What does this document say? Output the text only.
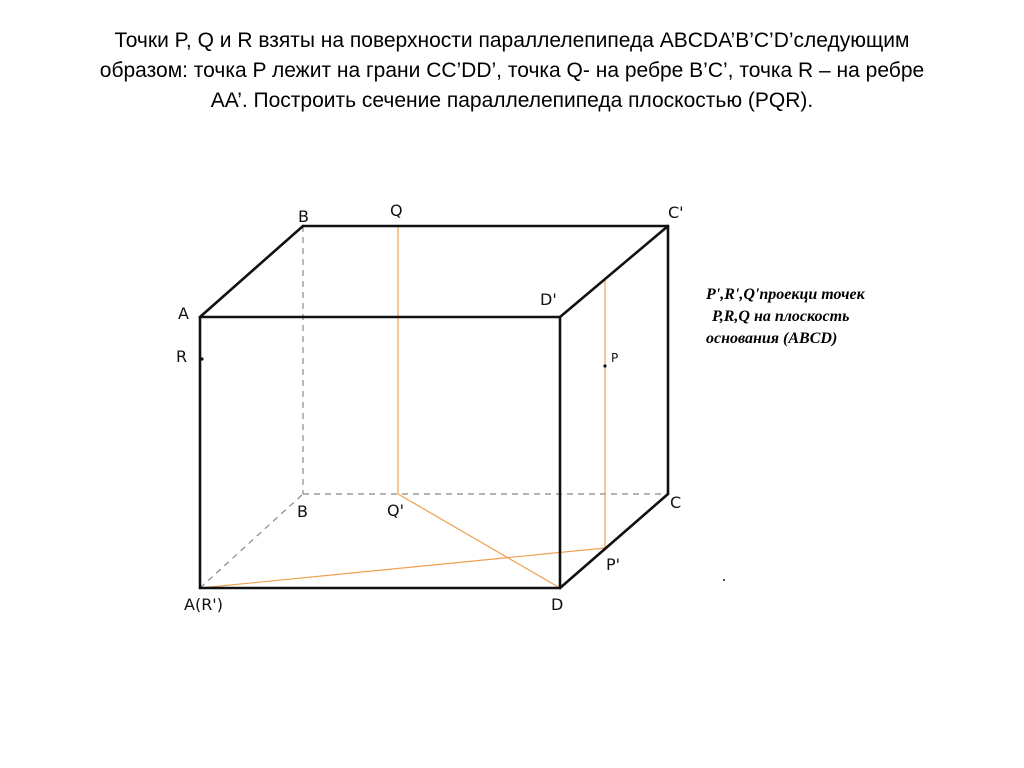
Точки P, Q и R взяты на поверхности параллелепипеда ABCDA’B’C’D’следующим
образом: точка P лежит на грани CC’DD’, точка Q- на ребре B’C’, точка R – на ребре
AA’. Построить сечение параллелепипеда плоскостью (PQR).
B	Q	C'
A
D'
R	P
B	Q'	C
A(R')	D
P'
P',R',Q'проекци точек
P,R,Q на плоскость
основания (ABCD)
